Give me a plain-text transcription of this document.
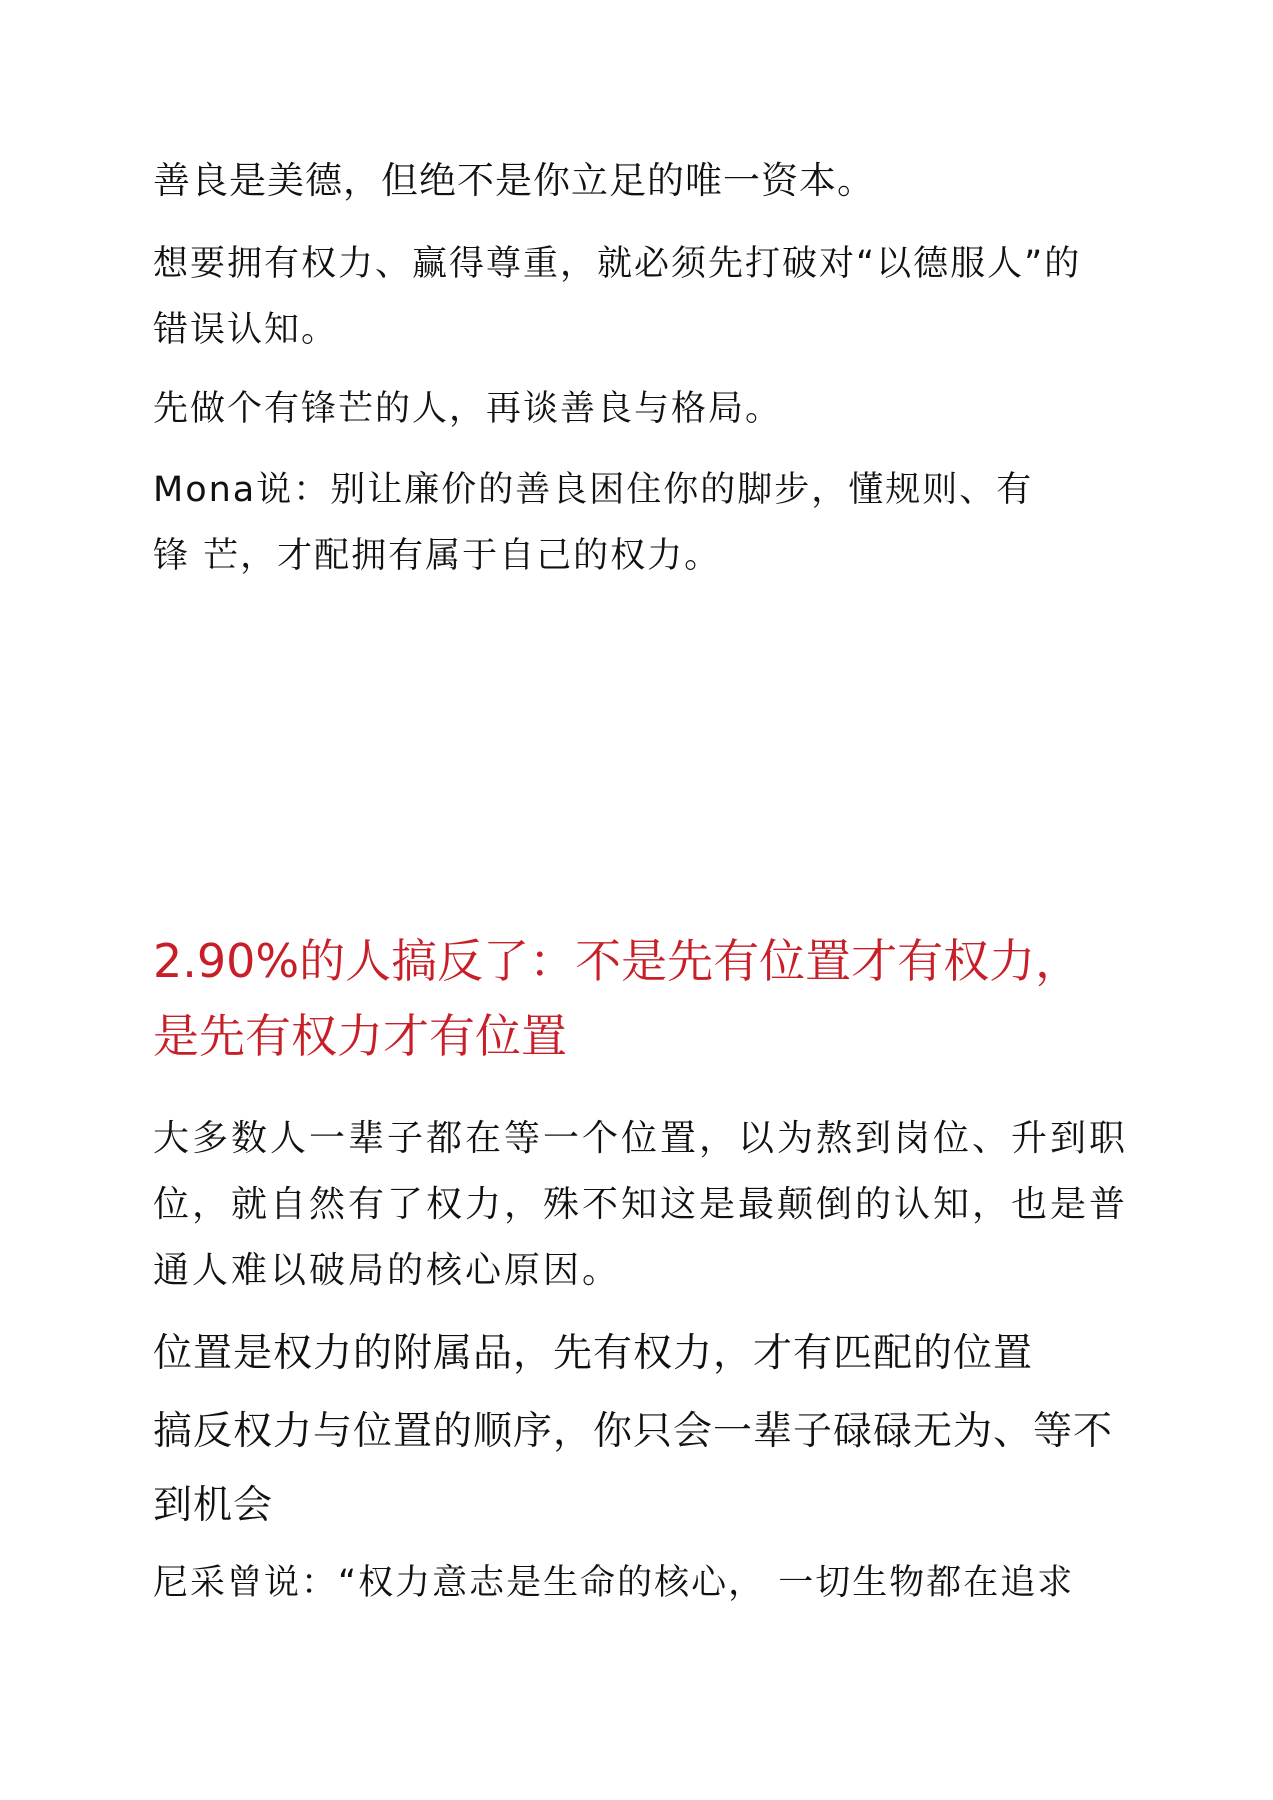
善良是美德，但绝不是你立足的唯一资本。

想要拥有权力、赢得尊重，就必须先打破对“以德服人”的

错误认知。

先做个有锋芒的人，再谈善良与格局。

Mona说：别让廉价的善良困住你的脚步，懂规则、有

锋 芒，才配拥有属于自己的权力。

2.90%的人搞反了：不是先有位置才有权力，
是先有权力才有位置

大多数人一辈子都在等一个位置，以为熬到岗位、升到职

位，就自然有了权力，殊不知这是最颠倒的认知，也是普

通人难以破局的核心原因。

位置是权力的附属品，先有权力，才有匹配的位置

搞反权力与位置的顺序，你只会一辈子碌碌无为、等不

到机会

尼采曾说：“权力意志是生命的核心， 一切生物都在追求
